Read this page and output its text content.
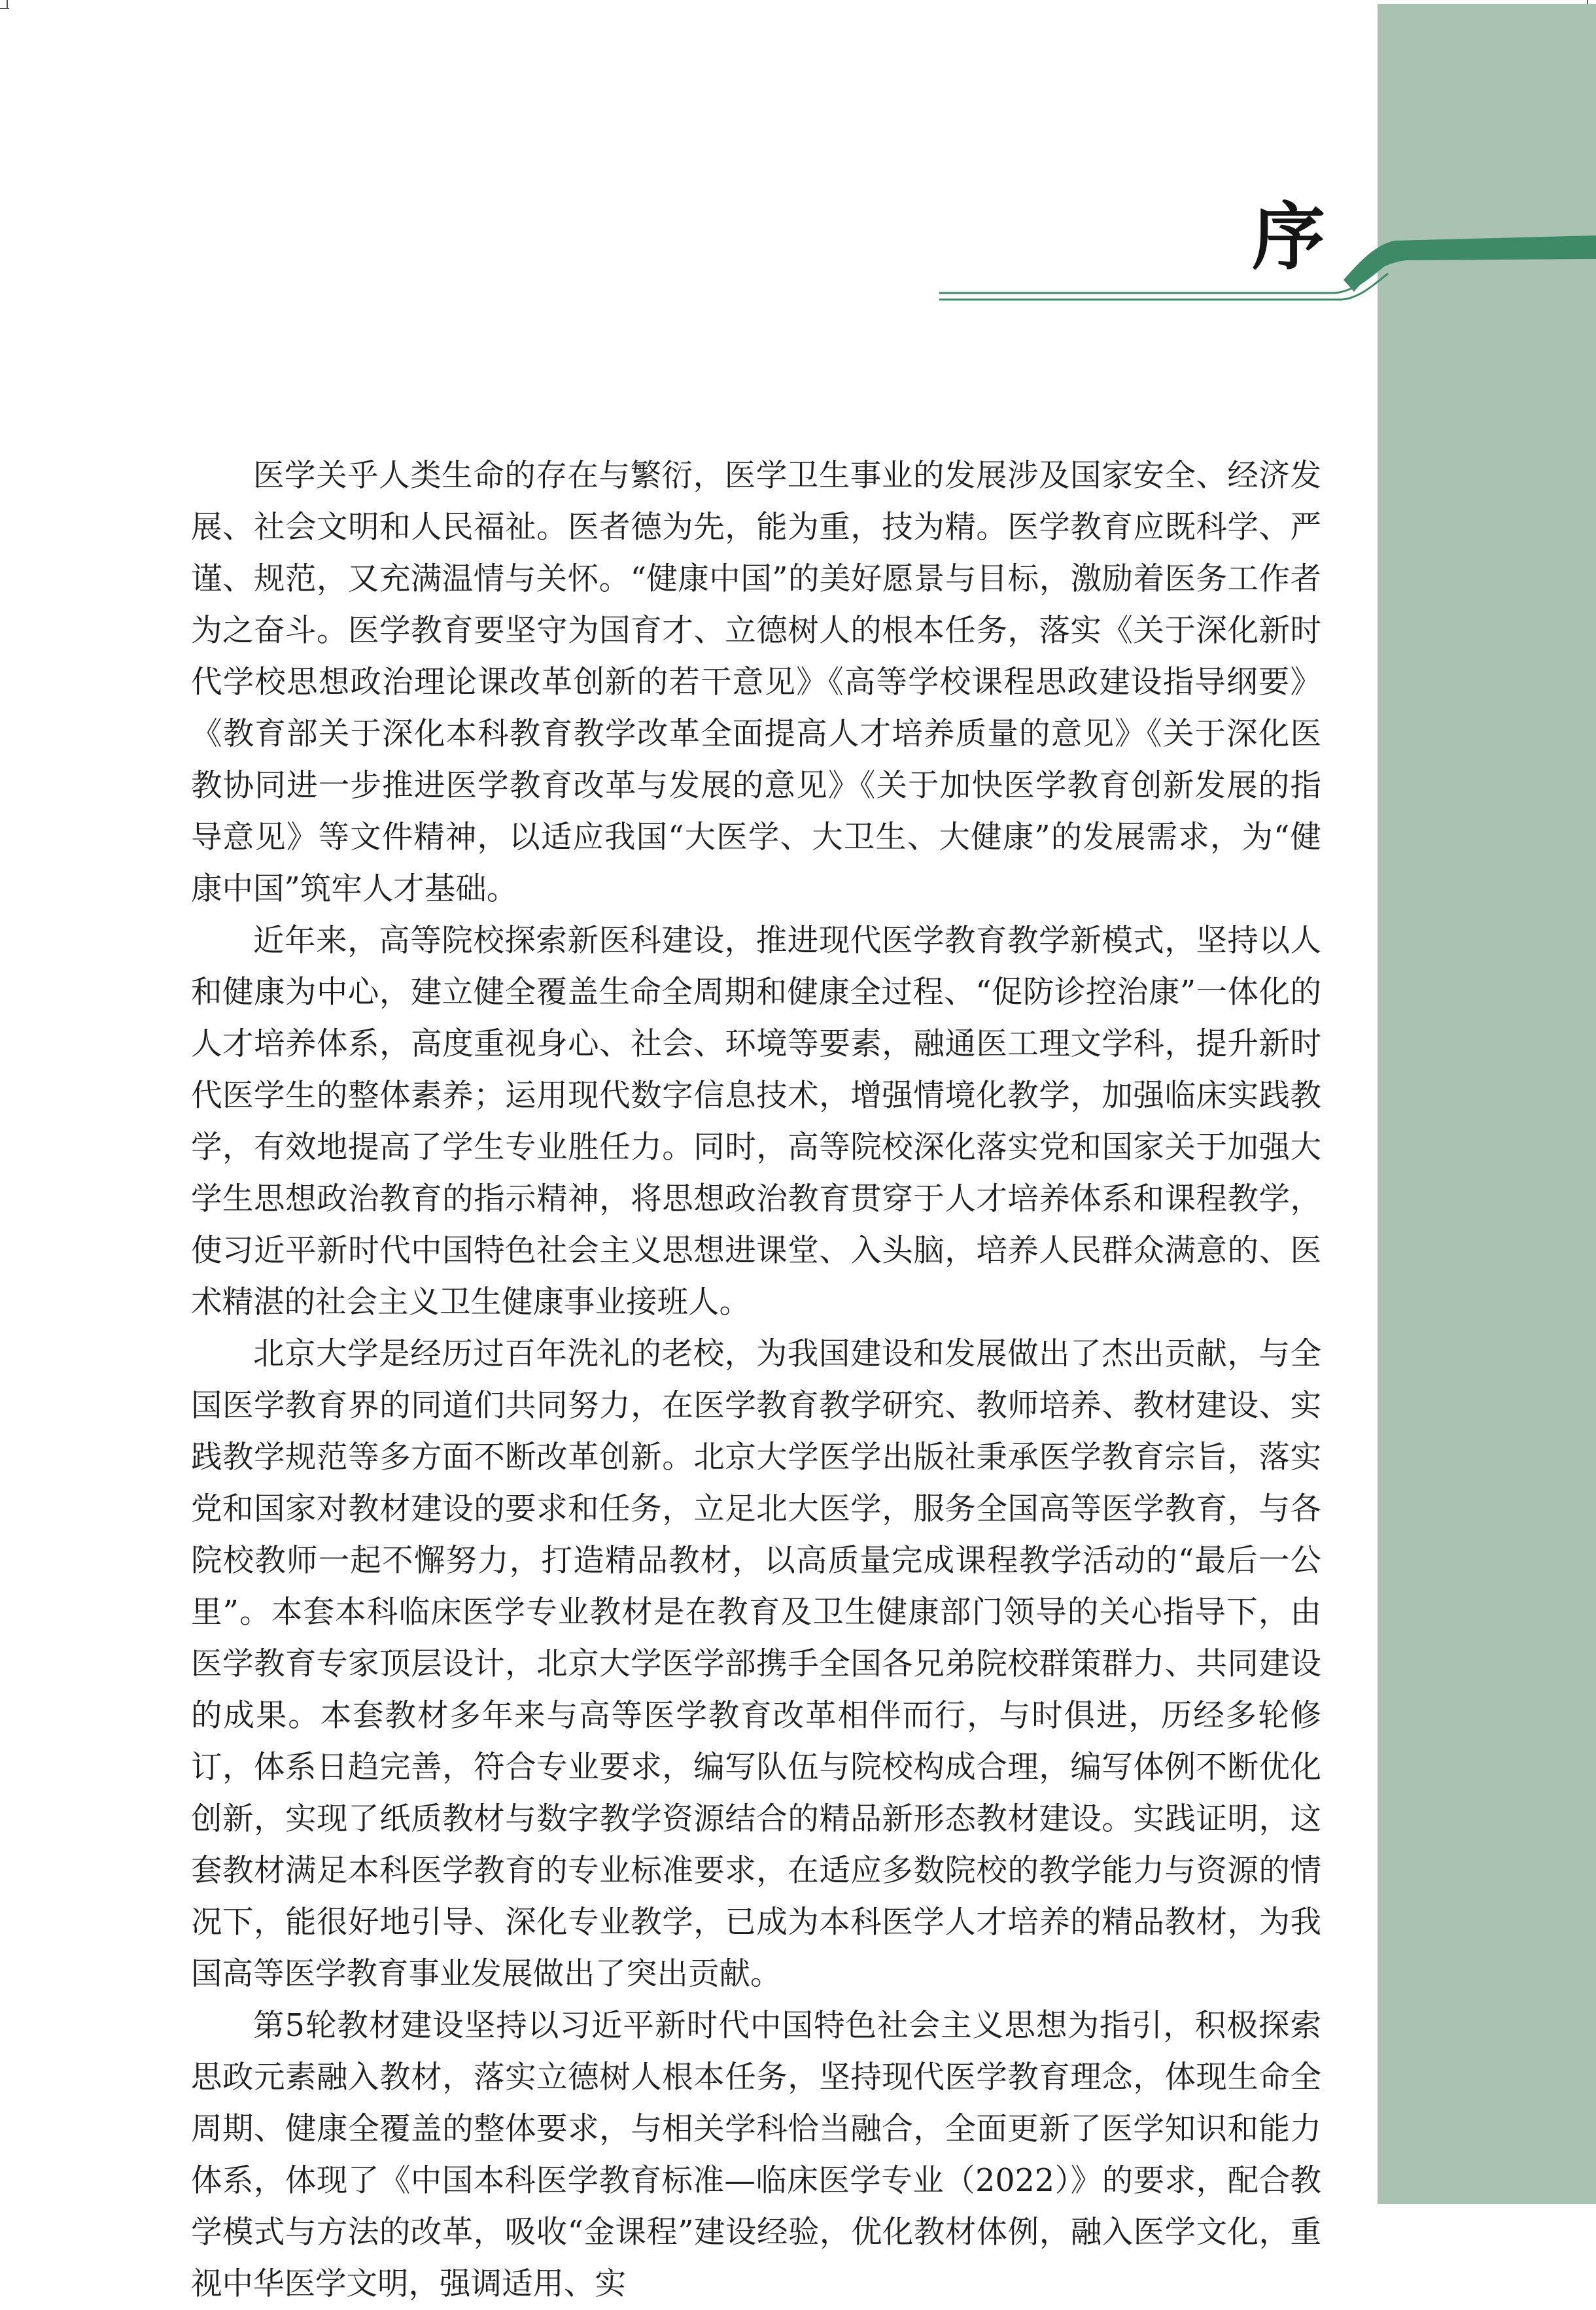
序

医学关乎人类生命的存在与繁衍，医学卫生事业的发展涉及国家安全、经济发展、社会文明和人民福祉。医者德为先，能为重，技为精。医学教育应既科学、严谨、规范，又充满温情与关怀。“健康中国”的美好愿景与目标，激励着医务工作者为之奋斗。医学教育要坚守为国育才、立德树人的根本任务，落实《关于深化新时代学校思想政治理论课改革创新的若干意见》《高等学校课程思政建设指导纲要》《教育部关于深化本科教育教学改革全面提高人才培养质量的意见》《关于深化医教协同进一步推进医学教育改革与发展的意见》《关于加快医学教育创新发展的指导意见》等文件精神，以适应我国“大医学、大卫生、大健康”的发展需求，为“健康中国”筑牢人才基础。

近年来，高等院校探索新医科建设，推进现代医学教育教学新模式，坚持以人和健康为中心，建立健全覆盖生命全周期和健康全过程、“促防诊控治康”一体化的人才培养体系，高度重视身心、社会、环境等要素，融通医工理文学科，提升新时代医学生的整体素养；运用现代数字信息技术，增强情境化教学，加强临床实践教学，有效地提高了学生专业胜任力。同时，高等院校深化落实党和国家关于加强大学生思想政治教育的指示精神，将思想政治教育贯穿于人才培养体系和课程教学，使习近平新时代中国特色社会主义思想进课堂、入头脑，培养人民群众满意的、医术精湛的社会主义卫生健康事业接班人。

北京大学是经历过百年洗礼的老校，为我国建设和发展做出了杰出贡献，与全国医学教育界的同道们共同努力，在医学教育教学研究、教师培养、教材建设、实践教学规范等多方面不断改革创新。北京大学医学出版社秉承医学教育宗旨，落实党和国家对教材建设的要求和任务，立足北大医学，服务全国高等医学教育，与各院校教师一起不懈努力，打造精品教材，以高质量完成课程教学活动的“最后一公里”。本套本科临床医学专业教材是在教育及卫生健康部门领导的关心指导下，由医学教育专家顶层设计，北京大学医学部携手全国各兄弟院校群策群力、共同建设的成果。本套教材多年来与高等医学教育改革相伴而行，与时俱进，历经多轮修订，体系日趋完善，符合专业要求，编写队伍与院校构成合理，编写体例不断优化创新，实现了纸质教材与数字教学资源结合的精品新形态教材建设。实践证明，这套教材满足本科医学教育的专业标准要求，在适应多数院校的教学能力与资源的情况下，能很好地引导、深化专业教学，已成为本科医学人才培养的精品教材，为我国高等医学教育事业发展做出了突出贡献。

第5轮教材建设坚持以习近平新时代中国特色社会主义思想为指引，积极探索思政元素融入教材，落实立德树人根本任务，坚持现代医学教育理念，体现生命全周期、健康全覆盖的整体要求，与相关学科恰当融合，全面更新了医学知识和能力体系，体现了《中国本科医学教育标准—临床医学专业（2022）》的要求，配合教学模式与方法的改革，吸收“金课程”建设经验，优化教材体例，融入医学文化，重视中华医学文明，强调适用、实
